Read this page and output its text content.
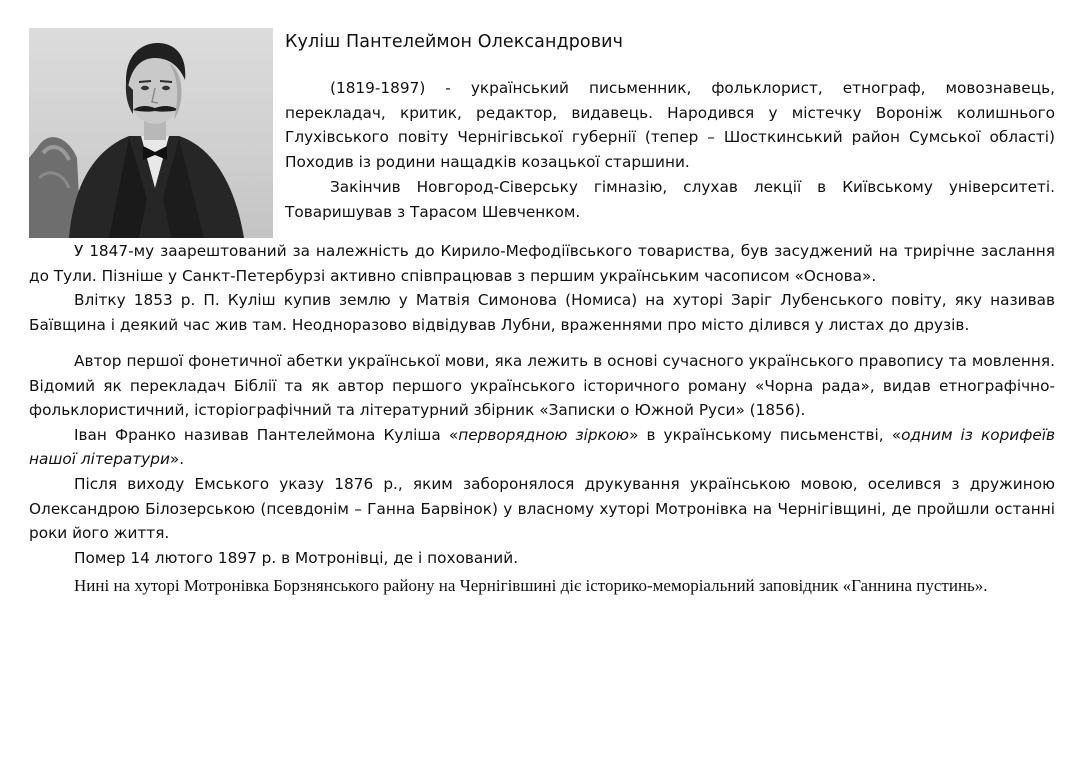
Куліш Пантелеймон Олександрович

(1819-1897) - український письменник, фольклорист, етнограф, мовознавець, перекладач, критик, редактор, видавець. Народився у містечку Вороніж колишнього Глухівського повіту Чернігівської губернії (тепер – Шосткинський район Сумської області) Походив із родини нащадків козацької старшини.

Закінчив Новгород-Сіверську гімназію, слухав лекції в Київському університеті. Товаришував з Тарасом Шевченком.

У 1847-му заарештований за належність до Кирило-Мефодіївського товариства, був засуджений на трирічне заслання до Тули. Пізніше у Санкт-Петербурзі активно співпрацював з першим українським часописом «Основа».

Влітку 1853 р. П. Куліш купив землю у Матвія Симонова (Номиса) на хуторі Заріг Лубенського повіту, яку називав Баївщина і деякий час жив там. Неодноразово відвідував Лубни, враженнями про місто ділився у листах до друзів.

Автор першої фонетичної абетки української мови, яка лежить в основі сучасного українського правопису та мовлення. Відомий як перекладач Біблії та як автор першого українського історичного роману «Чорна рада», видав етнографічно-фольклористичний, історіографічний та літературний збірник «Записки о Южной Руси» (1856).

Іван Франко називав Пантелеймона Куліша «перворядною зіркою» в українському письменстві, «одним із корифеїв нашої літератури».

Після виходу Емського указу 1876 р., яким заборонялося друкування українською мовою, оселився з дружиною Олександрою Білозерською (псевдонім – Ганна Барвінок) у власному хуторі Мотронівка на Чернігівщині, де пройшли останні роки його життя.

Помер 14 лютого 1897 р. в Мотронівці, де і похований.

Нині на хуторі Мотронівка Борзнянського району на Чернігівшині діє історико-меморіальний заповідник «Ганнина пустинь».
